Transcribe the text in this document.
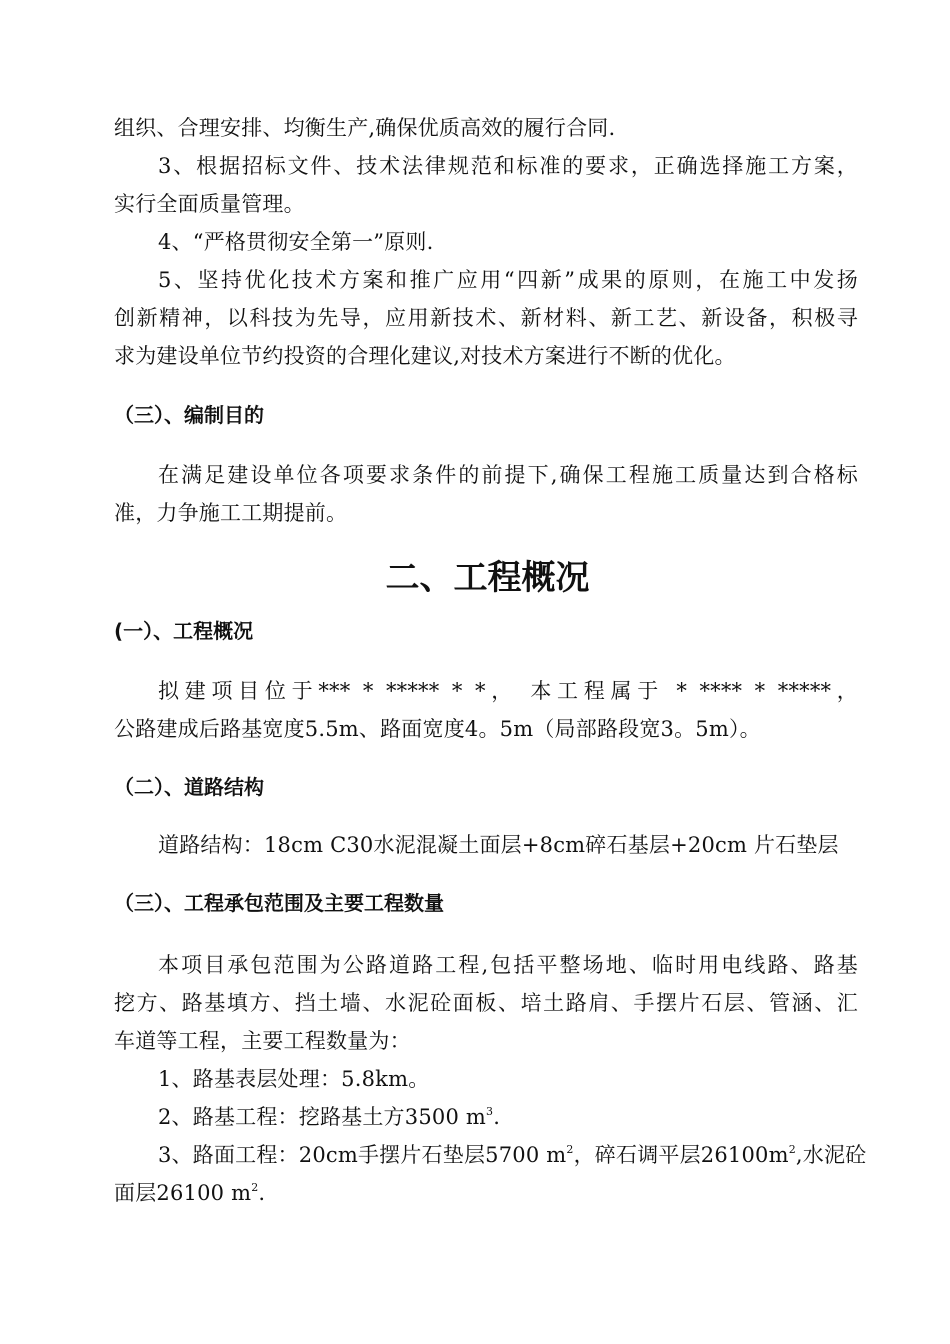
组织、合理安排、均衡生产,确保优质高效的履行合同.
3、根据招标文件、技术法律规范和标准的要求，正确选择施工方案，
实行全面质量管理。
4、“严格贯彻安全第一”原则.
5、坚持优化技术方案和推广应用“四新”成果的原则，在施工中发扬
创新精神，以科技为先导，应用新技术、新材料、新工艺、新设备，积极寻
求为建设单位节约投资的合理化建议,对技术方案进行不断的优化。
（三）、编制目的
在满足建设单位各项要求条件的前提下,确保工程施工质量达到合格标
准，力争施工工期提前。
二、工程概况
(一）、工程概况
拟建项目位于*** * ***** * *， 本工程属于 * **** * *****，
公路建成后路基宽度5.5m、路面宽度4。5m（局部路段宽3。5m）。
（二）、道路结构
道路结构：18cm C30水泥混凝土面层+8cm碎石基层+20cm 片石垫层
（三）、工程承包范围及主要工程数量
本项目承包范围为公路道路工程,包括平整场地、临时用电线路、路基
挖方、路基填方、挡土墙、水泥砼面板、培土路肩、手摆片石层、管涵、汇
车道等工程，主要工程数量为：
1、路基表层处理：5.8km。
2、路基工程：挖路基土方3500 $m^3$.
3、路面工程：20cm手摆片石垫层5700 $m^2$，碎石调平层$26100m^2$,水泥砼
面层26100 $m^2$.
